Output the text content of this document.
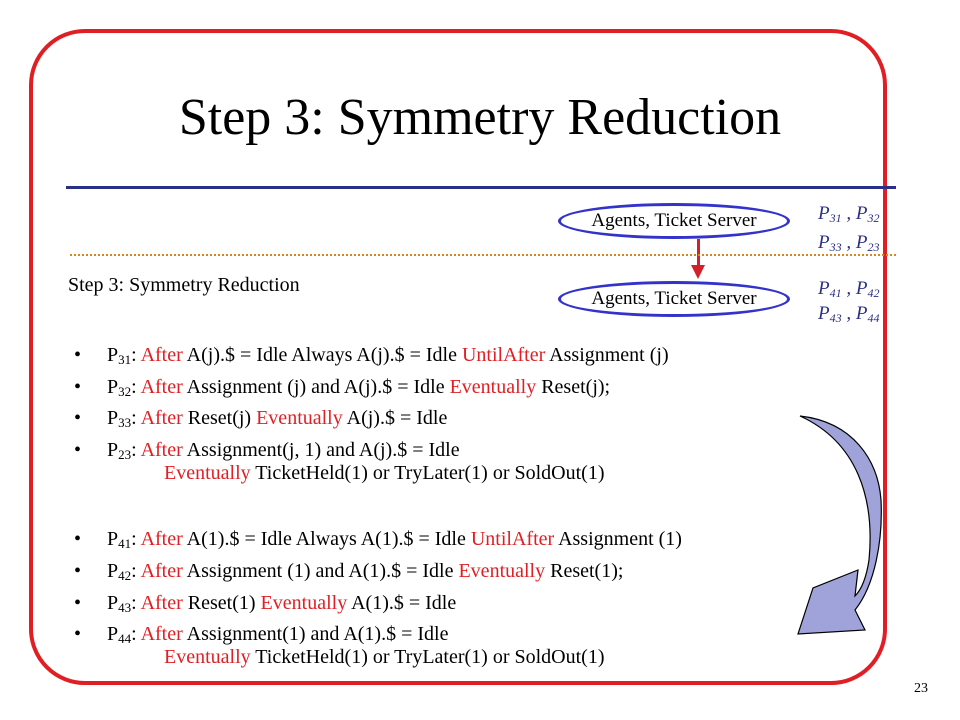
Step 3: Symmetry Reduction
Agents, Ticket Server
Agents, Ticket Server
$P_{31}$ , $P_{32}$
$P_{33}$ , $P_{23}$
$P_{41}$ , $P_{42}$
$P_{43}$ , $P_{44}$
Step 3: Symmetry Reduction
• $P_{31}$: After A(j).$ = Idle Always A(j).$ = Idle UntilAfter Assignment (j)
• $P_{32}$: After Assignment (j) and A(j).$ = Idle Eventually Reset(j);
• $P_{33}$: After Reset(j) Eventually A(j).$ = Idle
• $P_{23}$: After Assignment(j, 1) and A(j).$ = Idle
Eventually TicketHeld(1) or TryLater(1) or SoldOut(1)
• $P_{41}$: After A(1).$ = Idle Always A(1).$ = Idle UntilAfter Assignment (1)
• $P_{42}$: After Assignment (1) and A(1).$ = Idle Eventually Reset(1);
• $P_{43}$: After Reset(1) Eventually A(1).$ = Idle
• $P_{44}$: After Assignment(1) and A(1).$ = Idle
Eventually TicketHeld(1) or TryLater(1) or SoldOut(1)
23
